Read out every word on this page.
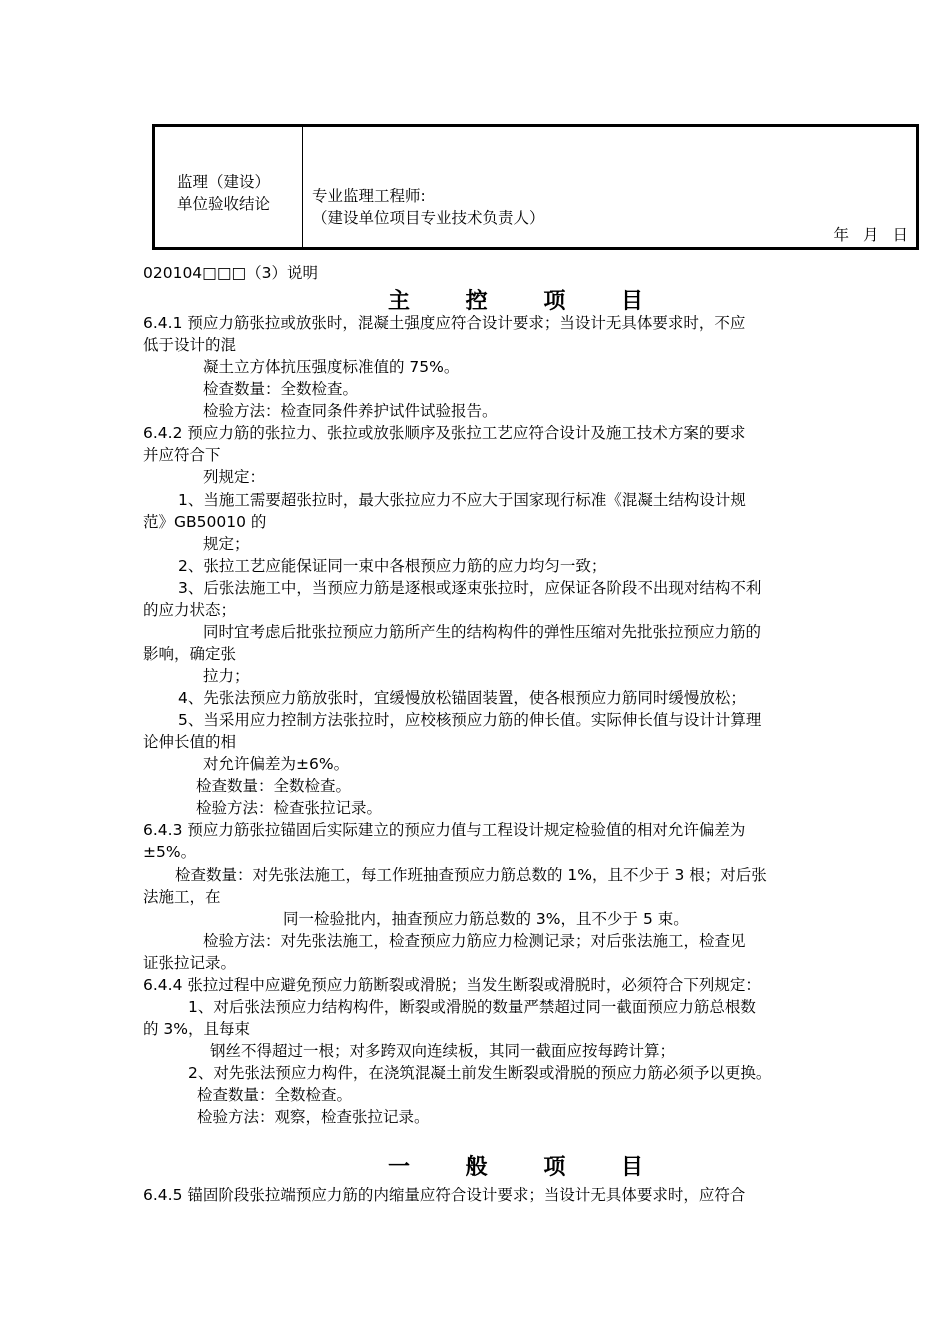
监理（建设）
单位验收结论	专业监理工程师:
（建设单位项目专业技术负责人）
年 月 日
020104□□□（3）说明
主 控 项 目
6.4.1 预应力筋张拉或放张时，混凝土强度应符合设计要求；当设计无具体要求时，不应
低于设计的混
凝土立方体抗压强度标准值的 75%。
检查数量：全数检查。
检验方法：检查同条件养护试件试验报告。
6.4.2 预应力筋的张拉力、张拉或放张顺序及张拉工艺应符合设计及施工技术方案的要求
并应符合下
列规定：
1、当施工需要超张拉时，最大张拉应力不应大于国家现行标准《混凝土结构设计规
范》GB50010 的
规定；
2、张拉工艺应能保证同一束中各根预应力筋的应力均匀一致；
3、后张法施工中，当预应力筋是逐根或逐束张拉时，应保证各阶段不出现对结构不利
的应力状态；
同时宜考虑后批张拉预应力筋所产生的结构构件的弹性压缩对先批张拉预应力筋的
影响，确定张
拉力；
4、先张法预应力筋放张时，宜缓慢放松锚固装置，使各根预应力筋同时缓慢放松；
5、当采用应力控制方法张拉时，应校核预应力筋的伸长值。实际伸长值与设计计算理
论伸长值的相
对允许偏差为±6%。
检查数量：全数检查。
检验方法：检查张拉记录。
6.4.3 预应力筋张拉锚固后实际建立的预应力值与工程设计规定检验值的相对允许偏差为
±5%。
检查数量：对先张法施工，每工作班抽查预应力筋总数的 1%，且不少于 3 根；对后张
法施工，在
同一检验批内，抽查预应力筋总数的 3%，且不少于 5 束。
检验方法：对先张法施工，检查预应力筋应力检测记录；对后张法施工，检查见
证张拉记录。
6.4.4 张拉过程中应避免预应力筋断裂或滑脱；当发生断裂或滑脱时，必须符合下列规定：
1、对后张法预应力结构构件，断裂或滑脱的数量严禁超过同一截面预应力筋总根数
的 3%，且每束
钢丝不得超过一根；对多跨双向连续板，其同一截面应按每跨计算；
2、对先张法预应力构件，在浇筑混凝土前发生断裂或滑脱的预应力筋必须予以更换。
检查数量：全数检查。
检验方法：观察，检查张拉记录。
一 般 项 目
6.4.5 锚固阶段张拉端预应力筋的内缩量应符合设计要求；当设计无具体要求时，应符合
